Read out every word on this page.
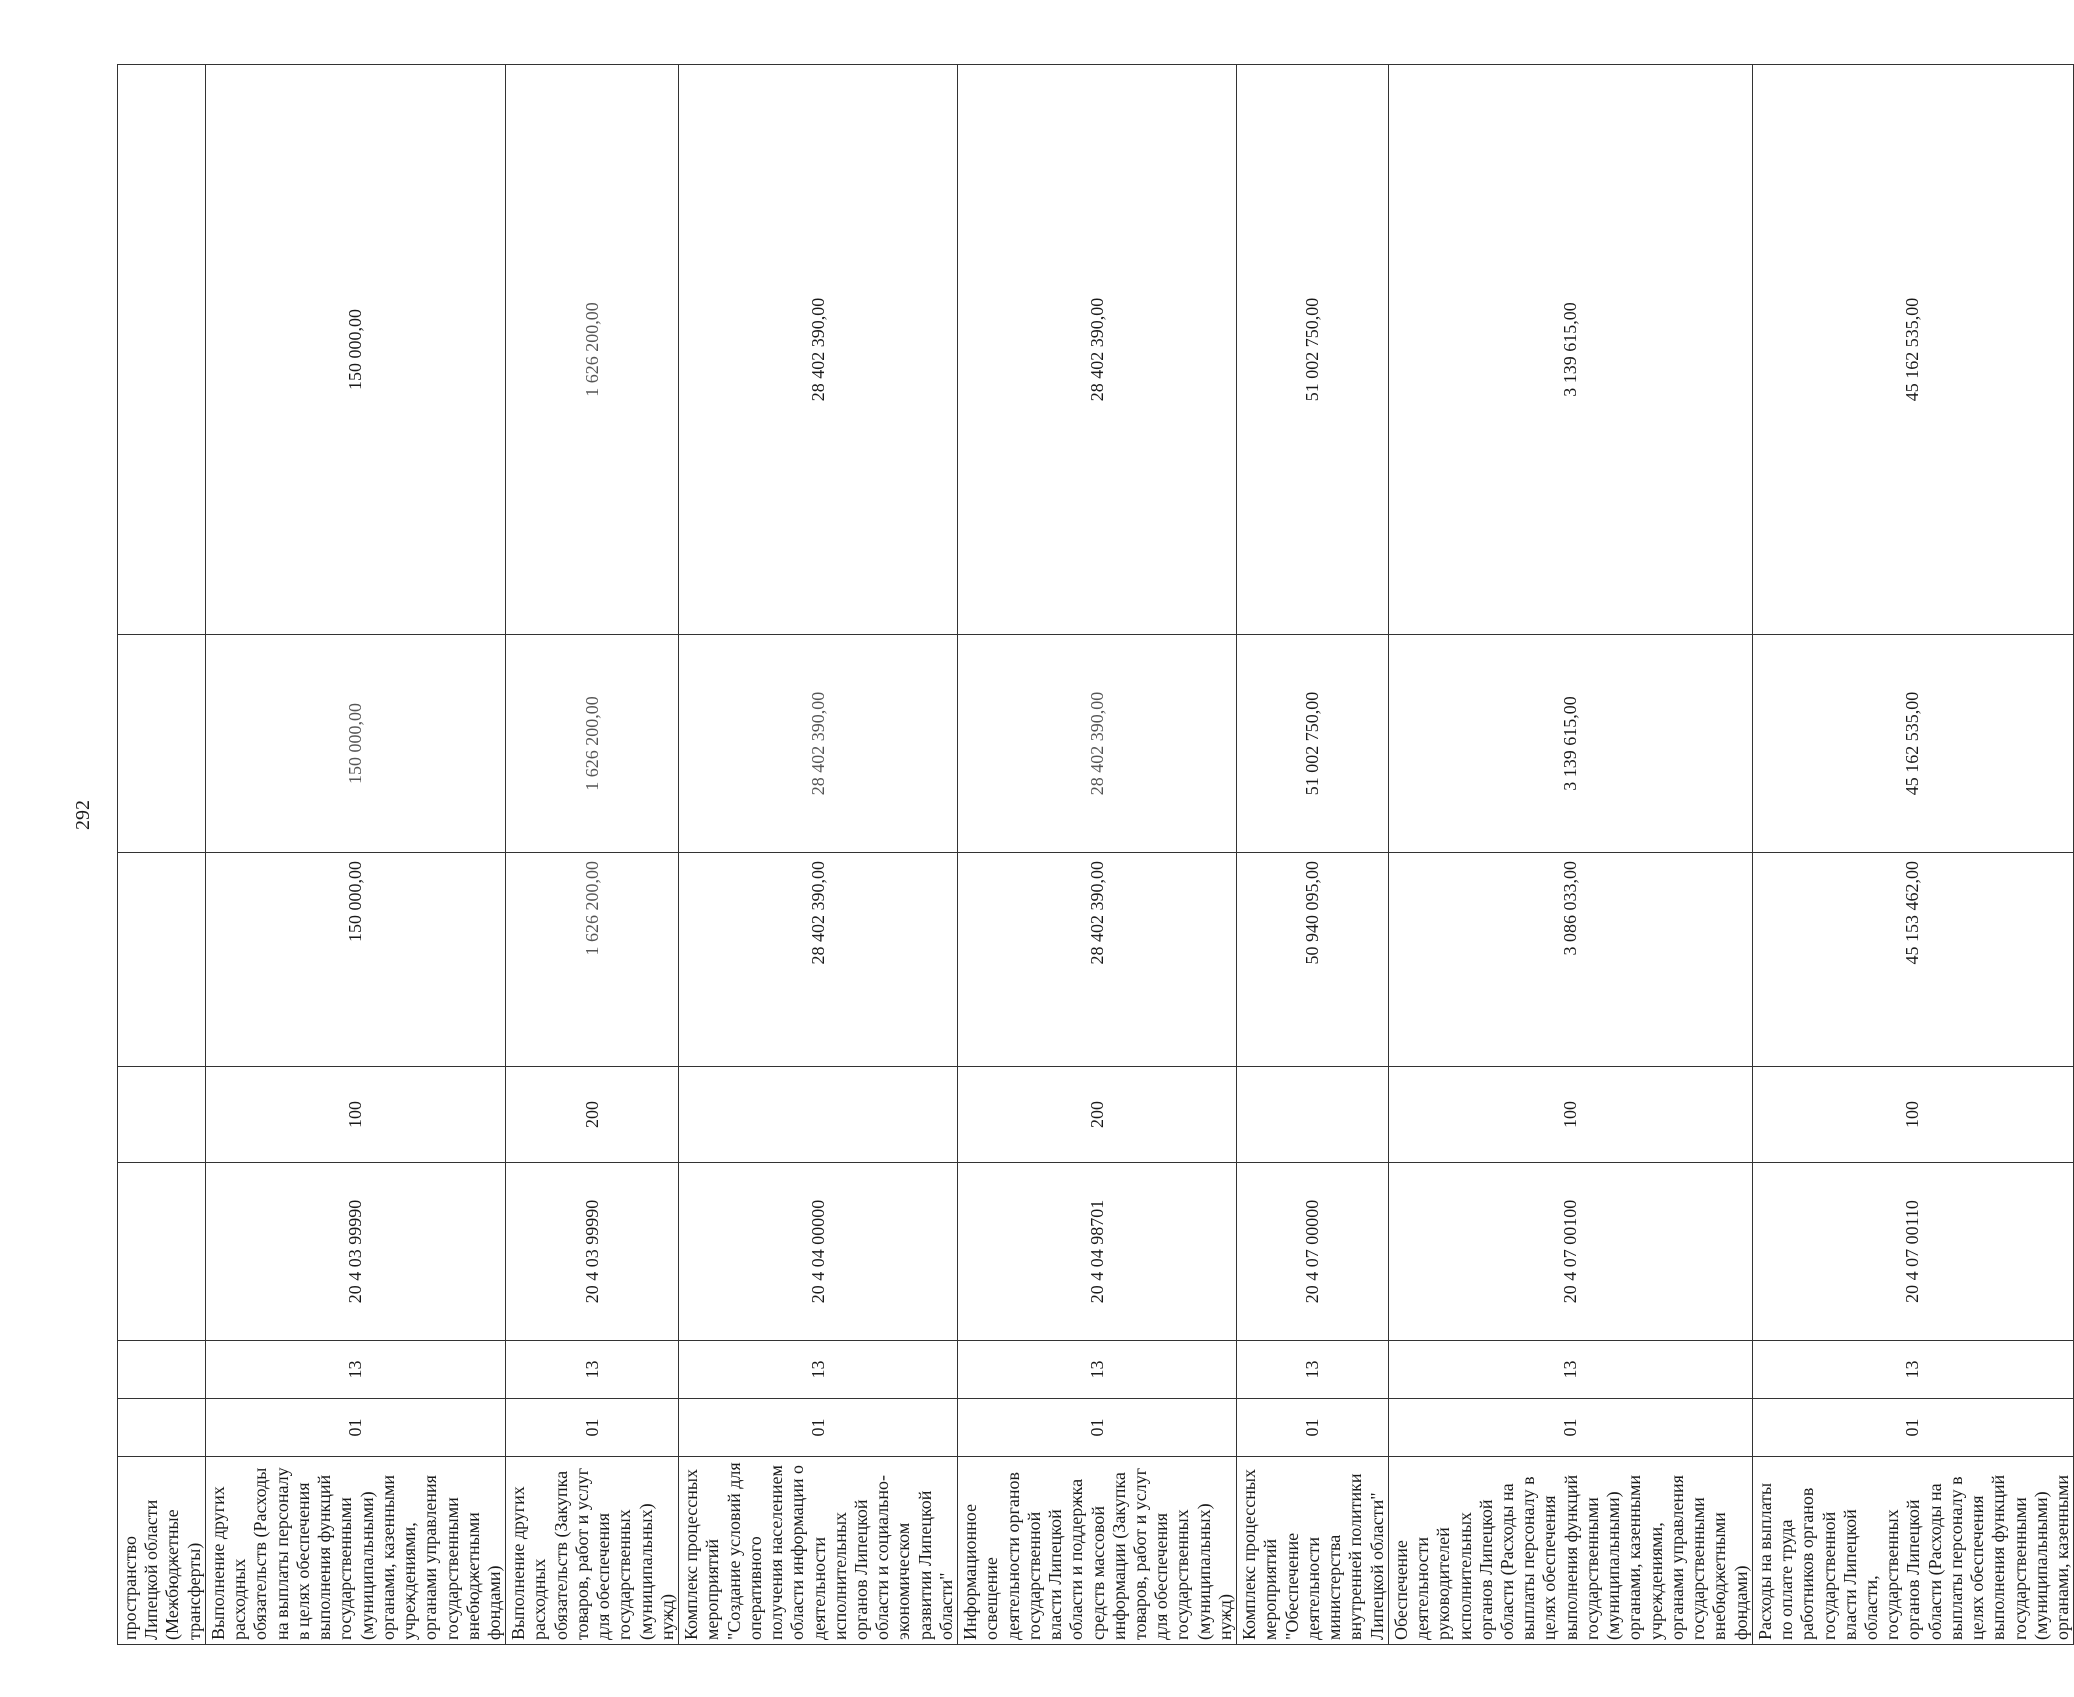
292
пространство Липецкой области (Межбюджетные трансферты)							
Выполнение других расходных обязательств (Расходы на выплаты персоналу в целях обеспечения выполнения функций государственными (муниципальными) органами, казенными учреждениями, органами управления государственными внебюджетными фондами)	01	13	20 4 03 99990	100	150 000,00	150 000,00	150 000,00
Выполнение других расходных обязательств (Закупка товаров, работ и услуг для обеспечения государственных (муниципальных) нужд)	01	13	20 4 03 99990	200	1 626 200,00	1 626 200,00	1 626 200,00
Комплекс процессных мероприятий "Создание условий для оперативного получения населением области информации о деятельности исполнительных органов Липецкой области и социально-экономическом развитии Липецкой области"	01	13	20 4 04 00000		28 402 390,00	28 402 390,00	28 402 390,00
Информационное освещение деятельности органов государственной власти Липецкой области и поддержка средств массовой информации (Закупка товаров, работ и услуг для обеспечения государственных (муниципальных) нужд)	01	13	20 4 04 98701	200	28 402 390,00	28 402 390,00	28 402 390,00
Комплекс процессных мероприятий "Обеспечение деятельности министерства внутренней политики Липецкой области"	01	13	20 4 07 00000		50 940 095,00	51 002 750,00	51 002 750,00
Обеспечение деятельности руководителей исполнительных органов Липецкой области (Расходы на выплаты персоналу в целях обеспечения выполнения функций государственными (муниципальными) органами, казенными учреждениями, органами управления государственными внебюджетными фондами)	01	13	20 4 07 00100	100	3 086 033,00	3 139 615,00	3 139 615,00
Расходы на выплаты по оплате труда работников органов государственной власти Липецкой области, государственных органов Липецкой области (Расходы на выплаты персоналу в целях обеспечения выполнения функций государственными (муниципальными) органами, казенными	01	13	20 4 07 00110	100	45 153 462,00	45 162 535,00	45 162 535,00
